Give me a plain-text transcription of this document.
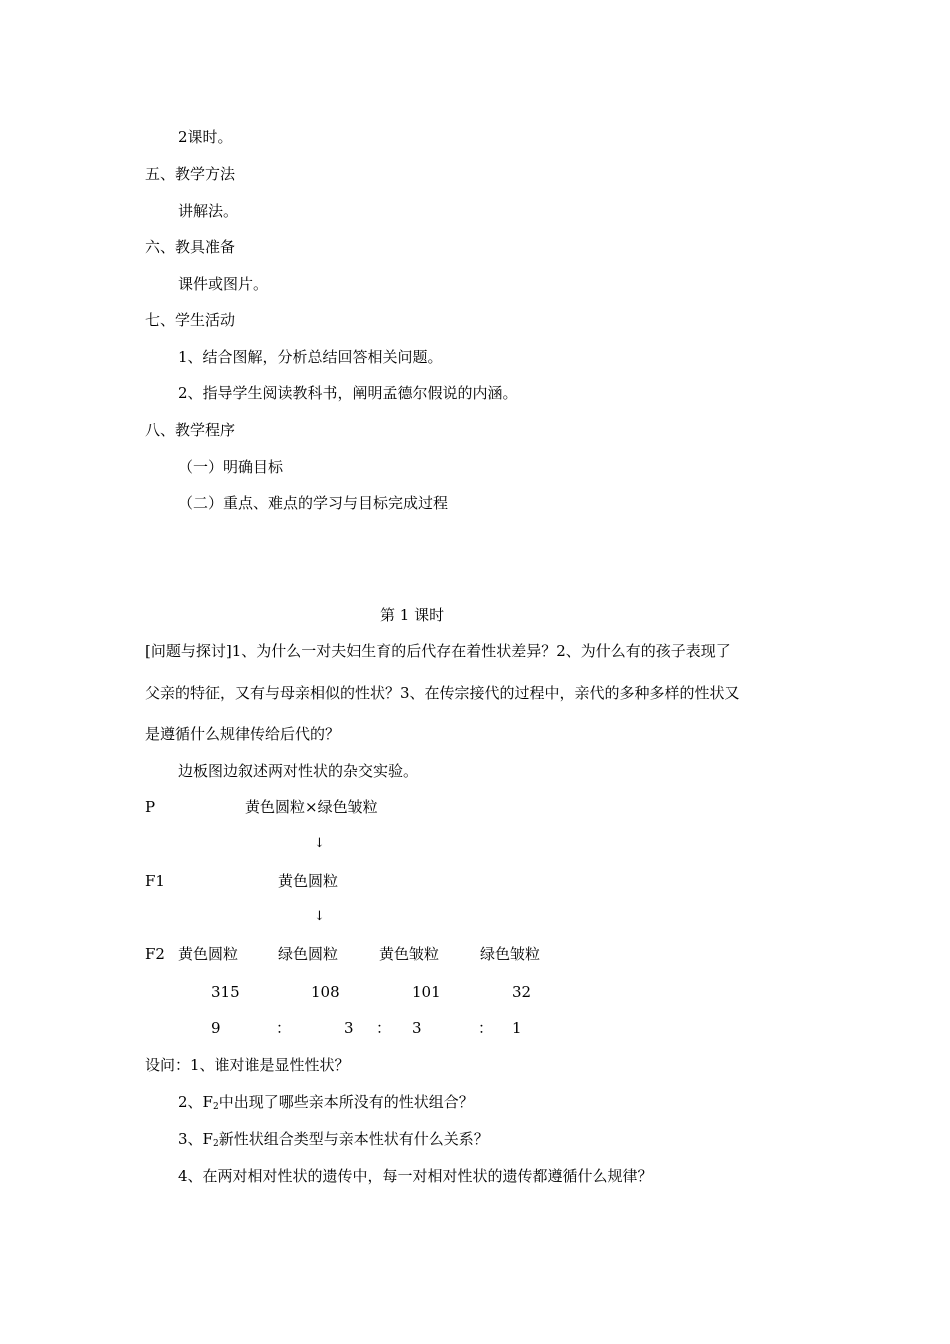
2课时。
五、教学方法
讲解法。
六、教具准备
课件或图片。
七、学生活动
1、结合图解，分析总结回答相关问题。
2、指导学生阅读教科书，阐明孟德尔假说的内涵。
八、教学程序
（一）明确目标
（二）重点、难点的学习与目标完成过程
第 1 课时
[问题与探讨]1、为什么一对夫妇生育的后代存在着性状差异？2、为什么有的孩子表现了
父亲的特征，又有与母亲相似的性状？3、在传宗接代的过程中，亲代的多种多样的性状又
是遵循什么规律传给后代的？
边板图边叙述两对性状的杂交实验。
P	黄色圆粒×绿色皱粒
↓
F1	黄色圆粒
↓
F2 黄色圆粒	绿色圆粒	黄色皱粒	绿色皱粒
315	108	101	32
9	：	3 ： 3	： 1
设问：1、谁对谁是显性性状？
2、$F_2$中出现了哪些亲本所没有的性状组合？
3、$F_2$新性状组合类型与亲本性状有什么关系？
4、在两对相对性状的遗传中，每一对相对性状的遗传都遵循什么规律？
